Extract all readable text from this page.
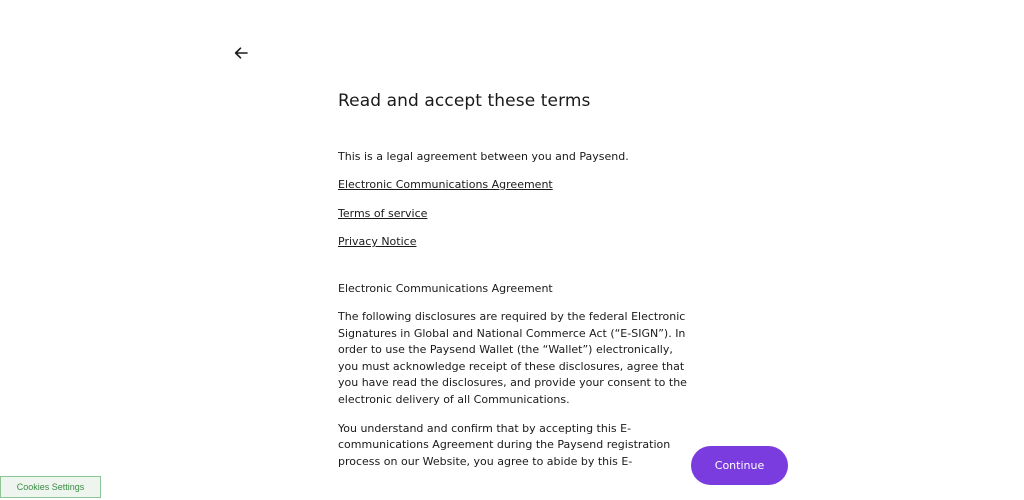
Read and accept these terms

This is a legal agreement between you and Paysend.

Electronic Communications Agreement
Terms of service
Privacy Notice
Electronic Communications Agreement

The following disclosures are required by the federal Electronic Signatures in Global and National Commerce Act (“E-SIGN”). In order to use the Paysend Wallet (the “Wallet”) electronically, you must acknowledge receipt of these disclosures, agree that you have read the disclosures, and provide your consent to the electronic delivery of all Communications.

You understand and confirm that by accepting this E-communications Agreement during the Paysend registration process on our Website, you agree to abide by this E-	Continue
Cookies Settings
